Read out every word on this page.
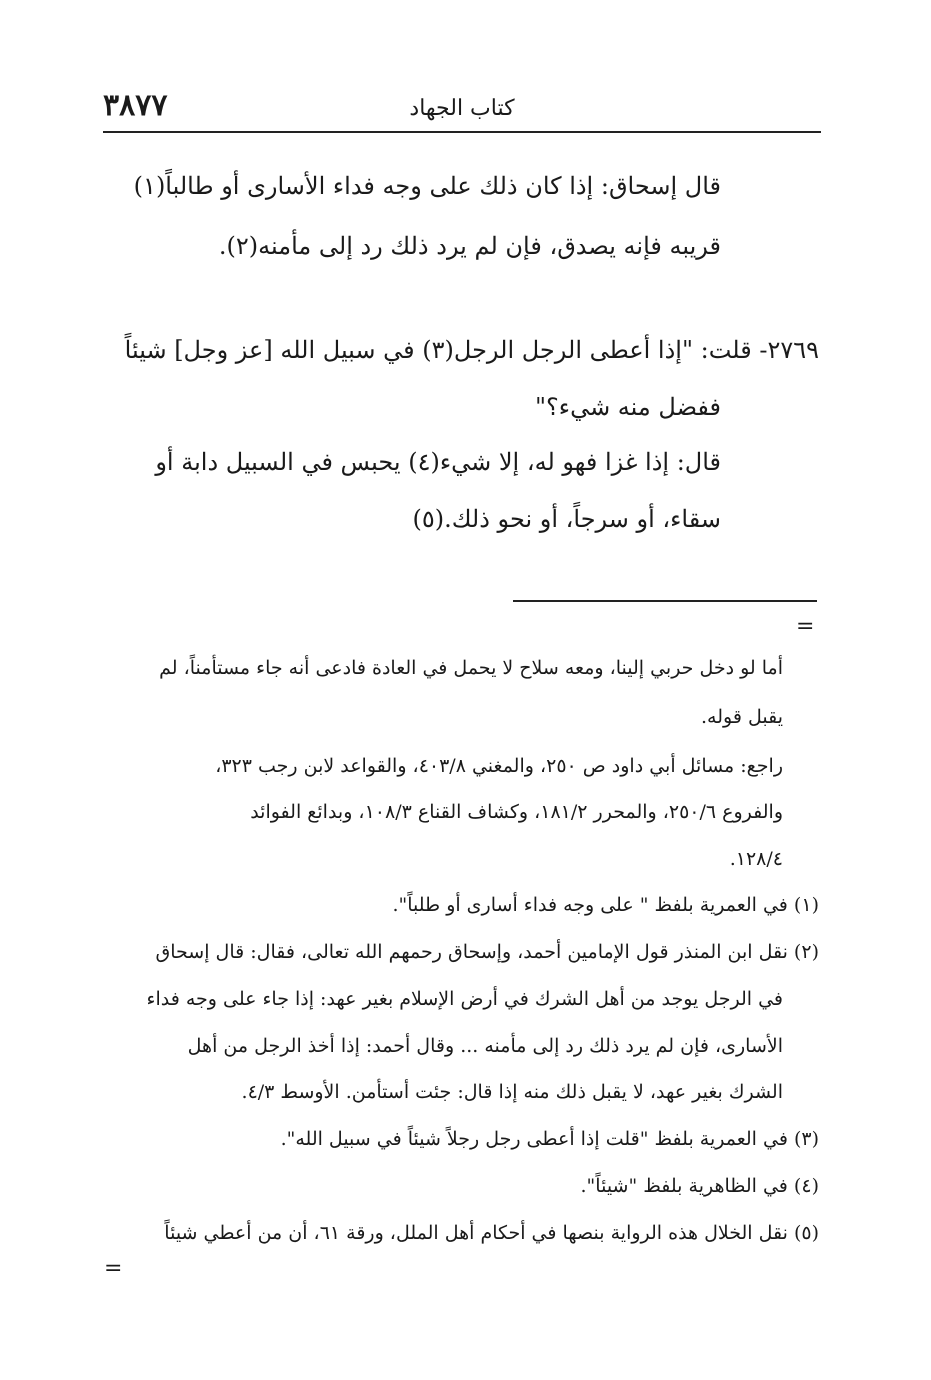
٣٨٧٧	كتاب الجهاد
قال إسحاق: إذا كان ذلك على وجه فداء الأسارى أو طالباً(١)
قريبه فإنه يصدق، فإن لم يرد ذلك رد إلى مأمنه(٢).
٢٧٦٩- قلت: "إذا أعطى الرجل الرجل(٣) في سبيل الله [عز وجل] شيئاً
ففضل منه شيء؟"
قال: إذا غزا فهو له، إلا شيء(٤) يحبس في السبيل دابة أو
سقاء، أو سرجاً، أو نحو ذلك.(٥)
=
أما لو دخل حربي إلينا، ومعه سلاح لا يحمل في العادة فادعى أنه جاء مستأمناً، لم
يقبل قوله.
راجع: مسائل أبي داود ص ٢٥٠، والمغني ٤٠٣/٨، والقواعد لابن رجب ٣٢٣،
والفروع ٢٥٠/٦، والمحرر ١٨١/٢، وكشاف القناع ١٠٨/٣، وبدائع الفوائد
١٢٨/٤.
(١) في العمرية بلفظ " على وجه فداء أسارى أو طلباً".
(٢) نقل ابن المنذر قول الإمامين أحمد، وإسحاق رحمهم الله تعالى، فقال: قال إسحاق
في الرجل يوجد من أهل الشرك في أرض الإسلام بغير عهد: إذا جاء على وجه فداء
الأسارى، فإن لم يرد ذلك رد إلى مأمنه ... وقال أحمد: إذا أخذ الرجل من أهل
الشرك بغير عهد، لا يقبل ذلك منه إذا قال: جئت أستأمن. الأوسط ٤/٣.
(٣) في العمرية بلفظ "قلت إذا أعطى رجل رجلاً شيئاً في سبيل الله".
(٤) في الظاهرية بلفظ "شيئاً".
(٥) نقل الخلال هذه الرواية بنصها في أحكام أهل الملل، ورقة ٦١، أن من أعطي شيئاً
=
